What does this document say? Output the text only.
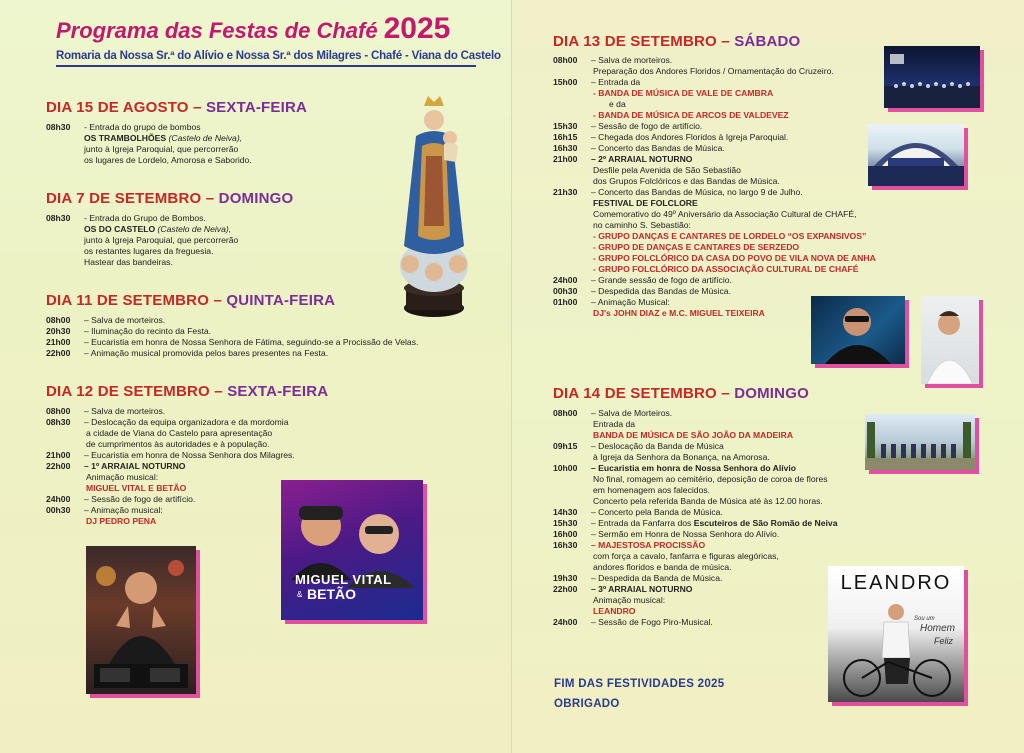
Programa das Festas de Chafé 2025
Romaria da Nossa Sr.ª do Alívio e Nossa Sr.ª dos Milagres - Chafé - Viana do Castelo
DIA 15 DE AGOSTO – SEXTA-FEIRA
08h30	- Entrada do grupo de bombos
OS TRAMBOLHÕES (Castelo de Neiva),
junto à Igreja Paroquial, que percorrerão
os lugares de Lordelo, Amorosa e Saborido.
DIA 7 DE SETEMBRO – DOMINGO
08h30	- Entrada do Grupo de Bombos.
OS DO CASTELO (Castelo de Neiva),
junto à Igreja Paroquial, que percorrerão
os restantes lugares da freguesia.
Hastear das bandeiras.
DIA 11 DE SETEMBRO – QUINTA-FEIRA
08h00	– Salva de morteiros.
20h30	– Iluminação do recinto da Festa.
21h00	– Eucaristia em honra de Nossa Senhora de Fátima, seguindo-se a Procissão de Velas.
22h00	– Animação musical promovida pelos bares presentes na Festa.
DIA 12 DE SETEMBRO – SEXTA-FEIRA
08h00	– Salva de morteiros.
08h30	– Deslocação da equipa organizadora e da mordomia
a cidade de Viana do Castelo para apresentação
de cumprimentos às autoridades e à população.
21h00	– Eucaristia em honra de Nossa Senhora dos Milagres.
22h00	– 1º ARRAIAL NOTURNO
Animação musical:
MIGUEL VITAL E BETÃO
24h00	– Sessão de fogo de artifício.
00h30	– Animação musical:
DJ PEDRO PENA
MIGUEL VITAL
& BETÃO
DIA 13 DE SETEMBRO – SÁBADO
08h00	– Salva de morteiros.
Preparação dos Andores Floridos / Ornamentação do Cruzeiro.
15h00	– Entrada da
- BANDA DE MÚSICA DE VALE DE CAMBRA
e da
- BANDA DE MÚSICA DE ARCOS DE VALDEVEZ
15h30	– Sessão de fogo de artifício.
16h15	– Chegada dos Andores Floridos à Igreja Paroquial.
16h30	– Concerto das Bandas de Música.
21h00	– 2º ARRAIAL NOTURNO
Desfile pela Avenida de São Sebastião
dos Grupos Folclóricos e das Bandas de Música.
21h30	– Concerto das Bandas de Música, no largo 9 de Julho.
FESTIVAL DE FOLCLORE
Comemorativo do 49º Aniversário da Associação Cultural de CHAFÉ,
no caminho S. Sebastião:
- GRUPO DANÇAS E CANTARES DE LORDELO “OS EXPANSIVOS”
- GRUPO DE DANÇAS E CANTARES DE SERZEDO
- GRUPO FOLCLÓRICO DA CASA DO POVO DE VILA NOVA DE ANHA
- GRUPO FOLCLÓRICO DA ASSOCIAÇÃO CULTURAL DE CHAFÉ
24h00	– Grande sessão de fogo de artifício.
00h30	– Despedida das Bandas de Música.
01h00	– Animação Musical:
DJ's JOHN DIAZ e M.C. MIGUEL TEIXEIRA
DIA 14 DE SETEMBRO – DOMINGO
08h00	– Salva de Morteiros.
Entrada da
BANDA DE MÚSICA DE SÃO JOÃO DA MADEIRA
09h15	– Deslocação da Banda de Música
à Igreja da Senhora da Bonança, na Amorosa.
10h00	– Eucaristia em honra de Nossa Senhora do Alívio
No final, romagem ao cemitério, deposição de coroa de flores
em homenagem aos falecidos.
Concerto pela referida Banda de Música até às 12.00 horas.
14h30	– Concerto pela Banda de Música.
15h30	– Entrada da Fanfarra dos
Escuteiros de São Romão de Neiva
16h00	– Sermão em Honra de Nossa Senhora do Alívio.
16h30	– MAJESTOSA PROCISSÃO
com força a cavalo, fanfarra e figuras alegóricas,
andores floridos e banda de música.
19h30	– Despedida da Banda de Música.
22h00	– 3º ARRAIAL NOTURNO
Animação musical:
LEANDRO
24h00	– Sessão de Fogo Piro-Musical.
LEANDRO
Sou um
Homem
Feliz
FIM DAS FESTIVIDADES 2025
OBRIGADO
